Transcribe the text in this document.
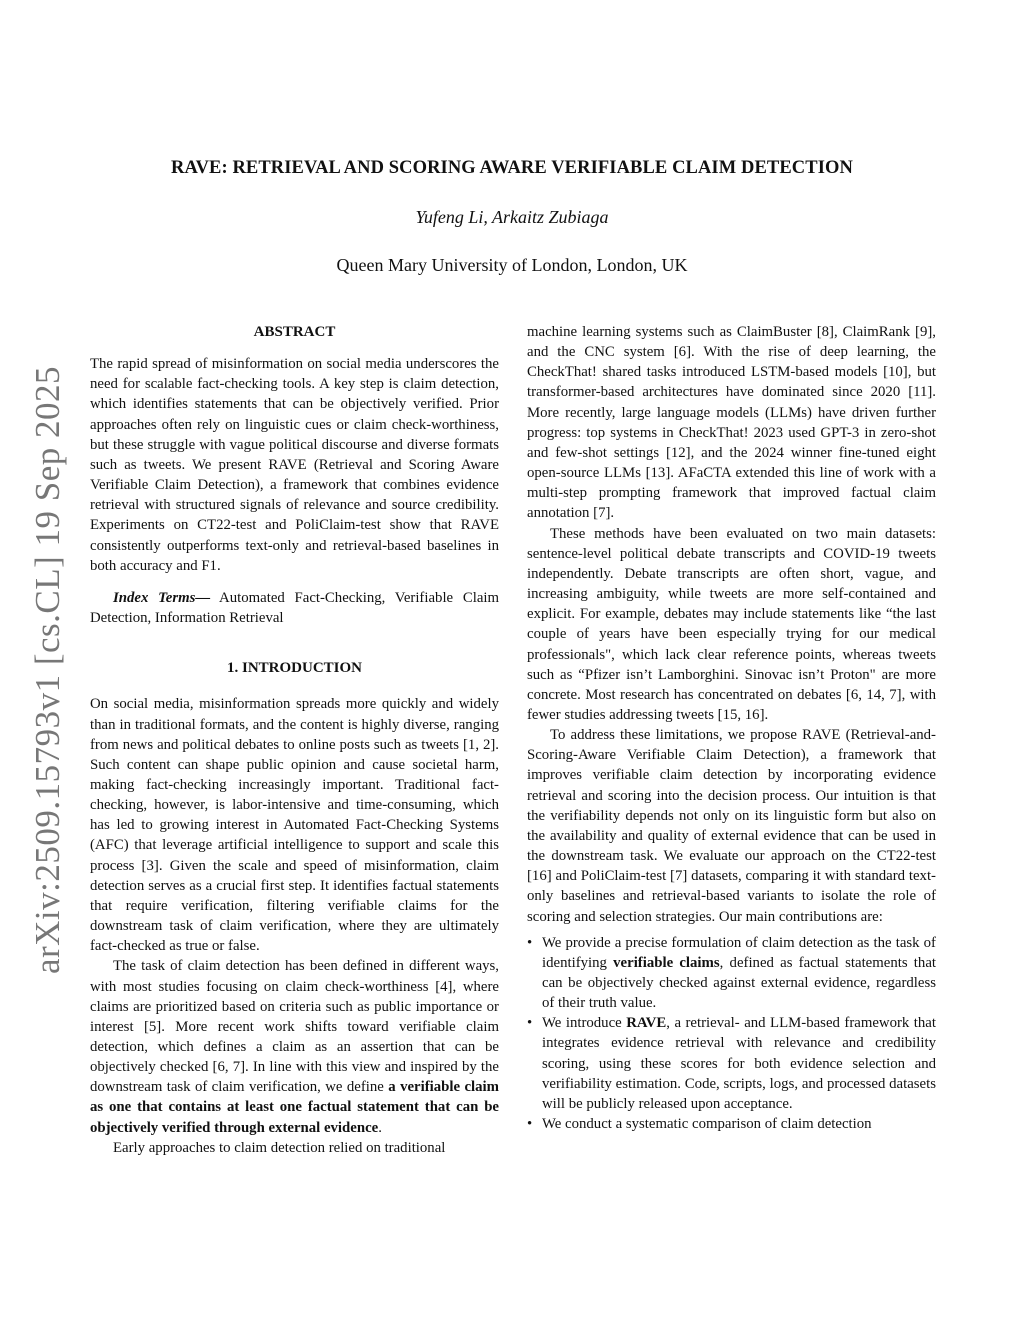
arXiv:2509.15793v1 [cs.CL] 19 Sep 2025
RAVE: RETRIEVAL AND SCORING AWARE VERIFIABLE CLAIM DETECTION
Yufeng Li, Arkaitz Zubiaga
Queen Mary University of London, London, UK
ABSTRACT

The rapid spread of misinformation on social media underscores the need for scalable fact-checking tools. A key step is claim detection, which identifies statements that can be objectively verified. Prior approaches often rely on linguistic cues or claim check-worthiness, but these struggle with vague political discourse and diverse formats such as tweets. We present RAVE (Retrieval and Scoring Aware Verifiable Claim Detection), a framework that combines evidence retrieval with structured signals of relevance and source credibility. Experiments on CT22-test and PoliClaim-test show that RAVE consistently outperforms text-only and retrieval-based baselines in both accuracy and F1.

Index Terms— Automated Fact-Checking, Verifiable Claim Detection, Information Retrieval

1. INTRODUCTION

On social media, misinformation spreads more quickly and widely than in traditional formats, and the content is highly diverse, ranging from news and political debates to online posts such as tweets [1, 2]. Such content can shape public opinion and cause societal harm, making fact-checking increasingly important. Traditional fact-checking, however, is labor-intensive and time-consuming, which has led to growing interest in Automated Fact-Checking Systems (AFC) that leverage artificial intelligence to support and scale this process [3]. Given the scale and speed of misinformation, claim detection serves as a crucial first step. It identifies factual statements that require verification, filtering verifiable claims for the downstream task of claim verification, where they are ultimately fact-checked as true or false.

The task of claim detection has been defined in different ways, with most studies focusing on claim check-worthiness [4], where claims are prioritized based on criteria such as public importance or interest [5]. More recent work shifts toward verifiable claim detection, which defines a claim as an assertion that can be objectively checked [6, 7]. In line with this view and inspired by the downstream task of claim verification, we define a verifiable claim as one that contains at least one factual statement that can be objectively verified through external evidence.

Early approaches to claim detection relied on traditional

machine learning systems such as ClaimBuster [8], ClaimRank [9], and the CNC system [6]. With the rise of deep learning, the CheckThat! shared tasks introduced LSTM-based models [10], but transformer-based architectures have dominated since 2020 [11]. More recently, large language models (LLMs) have driven further progress: top systems in CheckThat! 2023 used GPT-3 in zero-shot and few-shot settings [12], and the 2024 winner fine-tuned eight open-source LLMs [13]. AFaCTA extended this line of work with a multi-step prompting framework that improved factual claim annotation [7].

These methods have been evaluated on two main datasets: sentence-level political debate transcripts and COVID-19 tweets independently. Debate transcripts are often short, vague, and increasing ambiguity, while tweets are more self-contained and explicit. For example, debates may include statements like “the last couple of years have been especially trying for our medical professionals", which lack clear reference points, whereas tweets such as “Pfizer isn’t Lamborghini. Sinovac isn’t Proton" are more concrete. Most research has concentrated on debates [6, 14, 7], with fewer studies addressing tweets [15, 16].

To address these limitations, we propose RAVE (Retrieval-and-Scoring-Aware Verifiable Claim Detection), a framework that improves verifiable claim detection by incorporating evidence retrieval and scoring into the decision process. Our intuition is that the verifiability depends not only on its linguistic form but also on the availability and quality of external evidence that can be used in the downstream task. We evaluate our approach on the CT22-test [16] and PoliClaim-test [7] datasets, comparing it with standard text-only baselines and retrieval-based variants to isolate the role of scoring and selection strategies. Our main contributions are:

• We provide a precise formulation of claim detection as the task of identifying verifiable claims, defined as factual statements that can be objectively checked against external evidence, regardless of their truth value.
• We introduce RAVE, a retrieval- and LLM-based framework that integrates evidence retrieval with relevance and credibility scoring, using these scores for both evidence selection and verifiability estimation. Code, scripts, logs, and processed datasets will be publicly released upon acceptance.
• We conduct a systematic comparison of claim detection
